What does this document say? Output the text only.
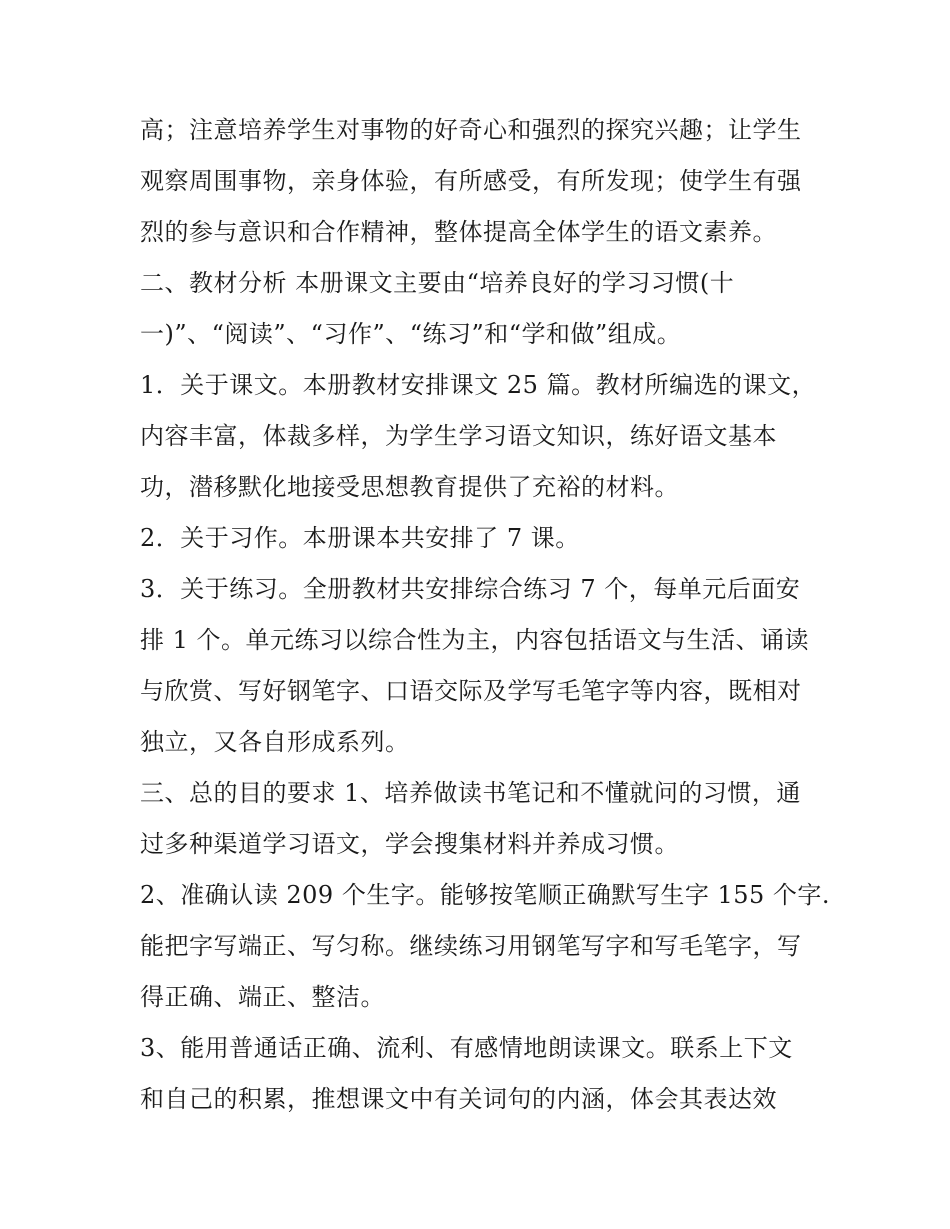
高；注意培养学生对事物的好奇心和强烈的探究兴趣；让学生
观察周围事物，亲身体验，有所感受，有所发现；使学生有强
烈的参与意识和合作精神，整体提高全体学生的语文素养。
二、教材分析 本册课文主要由“培养良好的学习习惯(十
一)”、“阅读”、“习作”、“练习”和“学和做”组成。
1．关于课文。本册教材安排课文 25 篇。教材所编选的课文，
内容丰富，体裁多样，为学生学习语文知识，练好语文基本
功，潜移默化地接受思想教育提供了充裕的材料。
2．关于习作。本册课本共安排了 7 课。
3．关于练习。全册教材共安排综合练习 7 个，每单元后面安
排 1 个。单元练习以综合性为主，内容包括语文与生活、诵读
与欣赏、写好钢笔字、口语交际及学写毛笔字等内容，既相对
独立，又各自形成系列。
三、总的目的要求 1、培养做读书笔记和不懂就问的习惯，通
过多种渠道学习语文，学会搜集材料并养成习惯。
2、准确认读 209 个生字。能够按笔顺正确默写生字 155 个字.
能把字写端正、写匀称。继续练习用钢笔写字和写毛笔字，写
得正确、端正、整洁。
3、能用普通话正确、流利、有感情地朗读课文。联系上下文
和自己的积累，推想课文中有关词句的内涵，体会其表达效
